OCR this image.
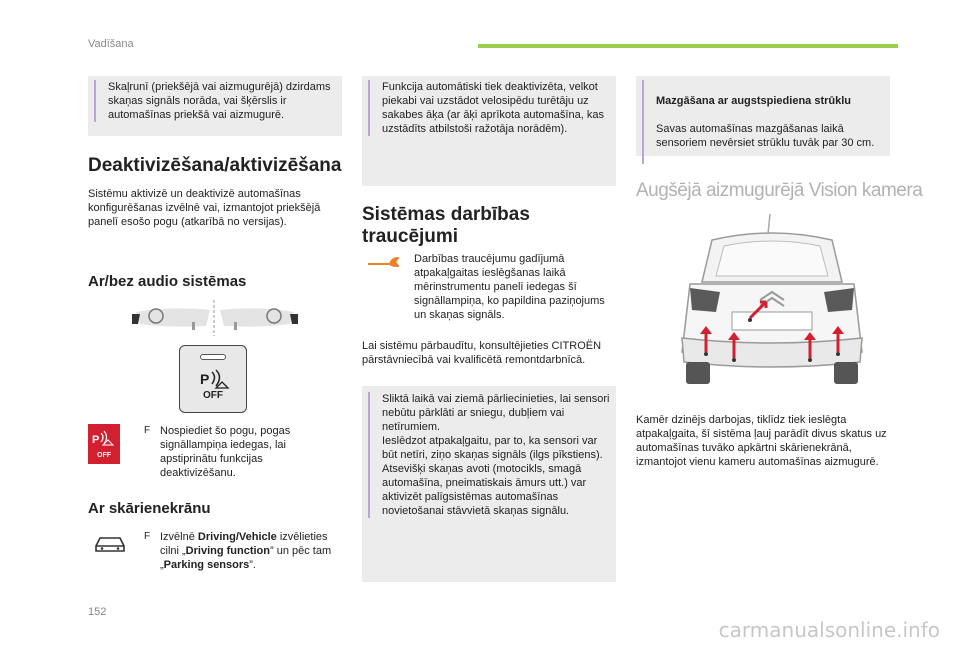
Vadīšana
Skaļrunī (priekšējā vai aizmugurējā) dzirdams skaņas signāls norāda, vai šķērslis ir automašīnas priekšā vai aizmugurē.
Deaktivizēšana/aktivizēšana
Sistēmu aktivizē un deaktivizē automašīnas konfigurēšanas izvēlnē vai, izmantojot priekšējā panelī esošo pogu (atkarībā no versijas).
Ar/bez audio sistēmas
P
OFF
P
OFF
F Nospiediet šo pogu, pogas signāllampiņa iedegas, lai apstiprinātu funkcijas deaktivizēšanu.
Ar skārienekrānu
F Izvēlnē Driving/Vehicle izvēlieties cilni „Driving function” un pēc tam „Parking sensors”.
Funkcija automātiski tiek deaktivizēta, velkot piekabi vai uzstādot velosipēdu turētāju uz sakabes āķa (ar āķi aprīkota automašīna, kas uzstādīts atbilstoši ražotāja norādēm).
Sistēmas darbības
traucējumi
Darbības traucējumu gadījumā atpakaļgaitas ieslēgšanas laikā mērinstrumentu panelī iedegas šī signāllampiņa, ko papildina paziņojums un skaņas signāls.
Lai sistēmu pārbaudītu, konsultējieties CITROËN pārstāvniecībā vai kvalificētā remontdarbnīcā.
Sliktā laikā vai ziemā pārliecinieties, lai sensori nebūtu pārklāti ar sniegu, dubļiem vai netīrumiem.
Ieslēdzot atpakaļgaitu, par to, ka sensori var būt netīri, ziņo skaņas signāls (ilgs pīkstiens).
Atsevišķi skaņas avoti (motocikls, smagā automašīna, pneimatiskais āmurs utt.) var aktivizēt palīgsistēmas automašīnas novietošanai stāvvietā skaņas signālu.

Mazgāšana ar augstspiediena strūklu

Savas automašīnas mazgāšanas laikā sensoriem nevērsiet strūklu tuvāk par 30 cm.

Augšējā aizmugurējā Vision kamera
Kamēr dzinējs darbojas, tiklīdz tiek ieslēgta atpakaļgaita, šī sistēma ļauj parādīt divus skatus uz automašīnas tuvāko apkārtni skārienekrānā, izmantojot vienu kameru automašīnas aizmugurē.
152
carmanualsonline.info
